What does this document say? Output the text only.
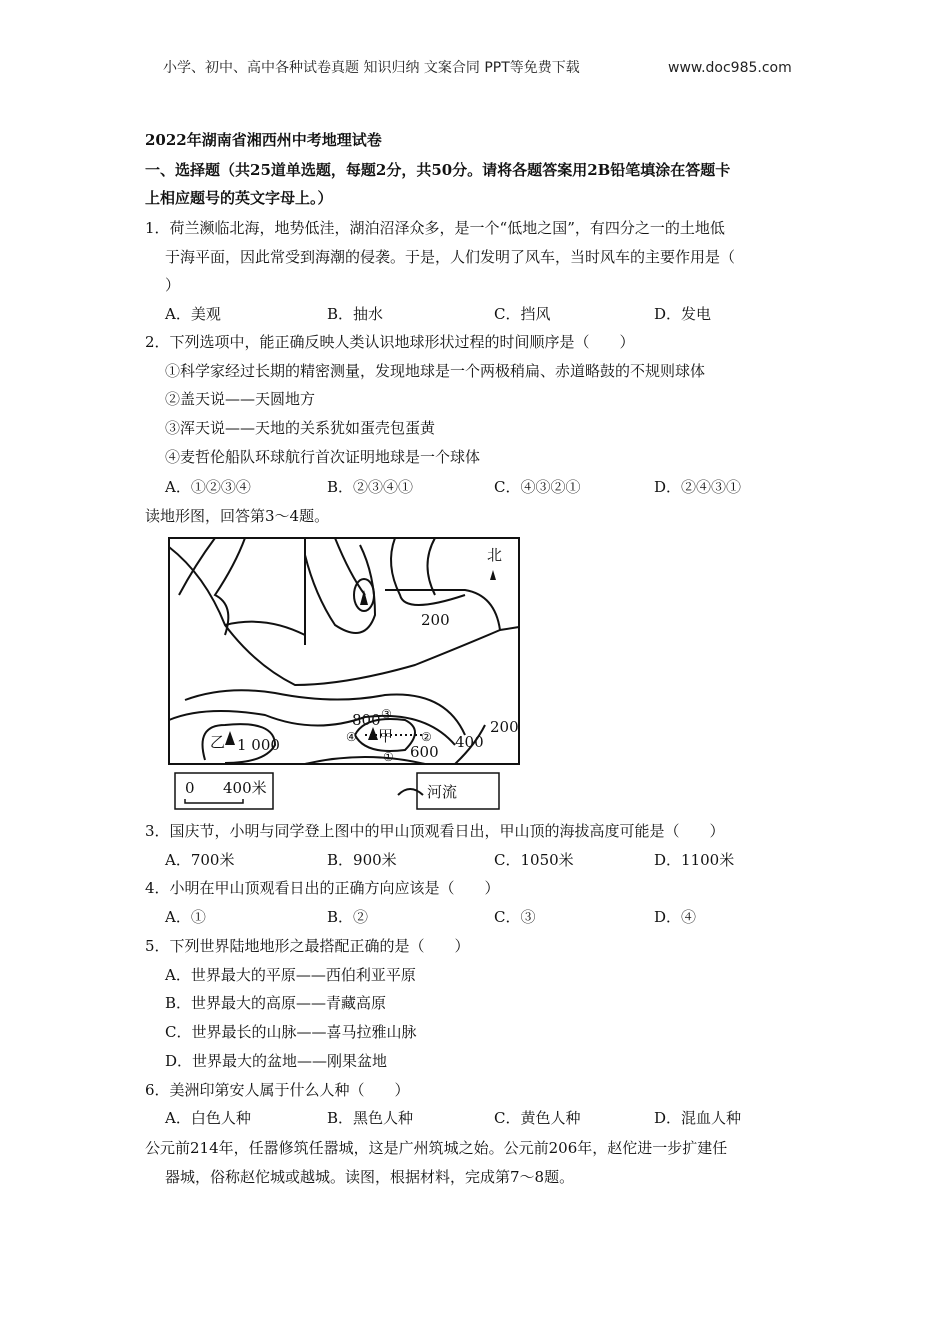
小学、初中、高中各种试卷真题 知识归纳 文案合同 PPT等免费下载	www.doc985.com
2022年湖南省湘西州中考地理试卷
一、选择题（共25道单选题，每题2分，共50分。请将各题答案用2B铅笔填涂在答题卡
上相应题号的英文字母上。）
1．荷兰濒临北海，地势低洼，湖泊沼泽众多，是一个“低地之国”，有四分之一的土地低
于海平面，因此常受到海潮的侵袭。于是，人们发明了风车，当时风车的主要作用是（
）
A．美观	B．抽水	C．挡风	D．发电
2．下列选项中，能正确反映人类认识地球形状过程的时间顺序是（　　）
①科学家经过长期的精密测量，发现地球是一个两极稍扁、赤道略鼓的不规则球体
②盖天说——天圆地方
③浑天说——天地的关系犹如蛋壳包蛋黄
④麦哲伦船队环球航行首次证明地球是一个球体
A．①②③④	B．②③④①	C．④③②①	D．②④③①
读地形图，回答第3～4题。
北
200
200
400
600
800
乙 1 000	甲
①
②
③
④
0 400米	河流
3．国庆节，小明与同学登上图中的甲山顶观看日出，甲山顶的海拔高度可能是（　　）
A．700米	B．900米	C．1050米	D．1100米
4．小明在甲山顶观看日出的正确方向应该是（　　）
A．①	B．②	C．③	D．④
5．下列世界陆地地形之最搭配正确的是（　　）
A．世界最大的平原——西伯利亚平原
B．世界最大的高原——青藏高原
C．世界最长的山脉——喜马拉雅山脉
D．世界最大的盆地——刚果盆地
6．美洲印第安人属于什么人种（　　）
A．白色人种	B．黑色人种	C．黄色人种	D．混血人种
公元前214年，任嚣修筑任嚣城，这是广州筑城之始。公元前206年，赵佗进一步扩建任
器城，俗称赵佗城或越城。读图，根据材料，完成第7～8题。
